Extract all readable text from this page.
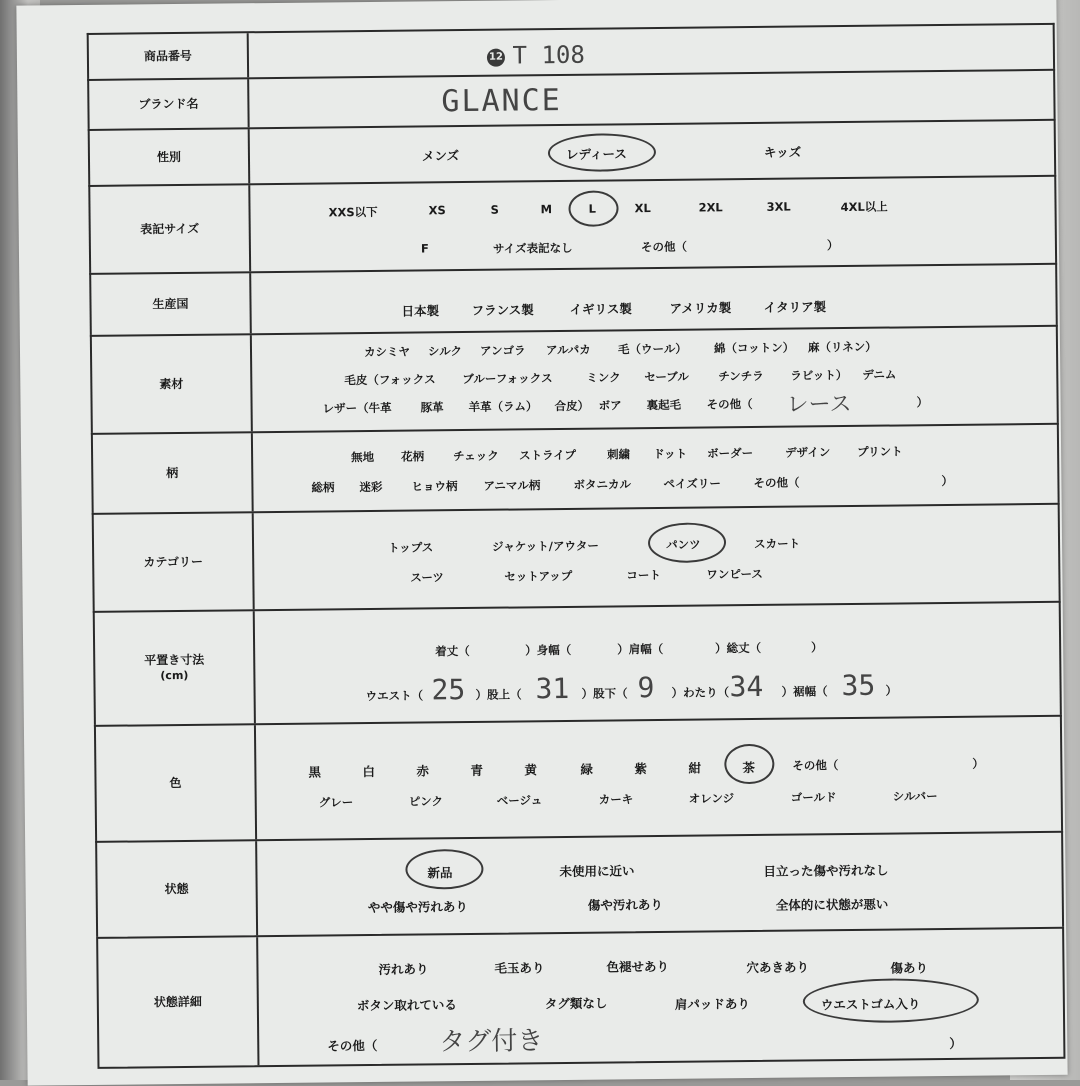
商品番号	12 T 108
ブランド名	GLANCE
性別	メンズ	レディース	キッズ
表記サイズ
XXS以下	XS	S	M	L	XL	2XL	3XL	4XL以上
F	サイズ表記なし	その他（	）
生産国	日本製	フランス製	イギリス製	アメリカ製	イタリア製
素材
カシミヤ シルク アンゴラ アルパカ 毛（ウール） 綿（コットン） 麻（リネン）
毛皮（フォックス ブルーフォックス	ミンク セーブル	チンチラ ラビット） デニム
レザー（牛革	豚革 羊革（ラム） 合皮） ボア 裏起毛 その他（ レース	）
柄
無地 花柄	チェック ストライプ	刺繍 ドット ボーダー	デザイン プリント
総柄 迷彩	ヒョウ柄 アニマル柄	ボタニカル	ペイズリー	その他（	）
カテゴリー
トップス	ジャケット/アウター	パンツ	スカート
スーツ	セットアップ	コート	ワンピース
平置き寸法
(cm)
着丈（	）身幅（	）肩幅（	）総丈（	）
ウエスト（ 25 ）股上（ 31 ）股下（ 9 ）わたり（ 34 ）裾幅（ 35 ）
色
黒	白	赤	青	黄	緑	紫	紺	茶	その他（	）
グレー	ピンク	ベージュ	カーキ	オレンジ	ゴールド	シルバー
状態
新品	未使用に近い	目立った傷や汚れなし
やや傷や汚れあり	傷や汚れあり	全体的に状態が悪い
状態詳細
汚れあり	毛玉あり	色褪せあり	穴あきあり	傷あり
ボタン取れている	タグ類なし	肩パッドあり	ウエストゴム入り
その他（ タグ付き	）
